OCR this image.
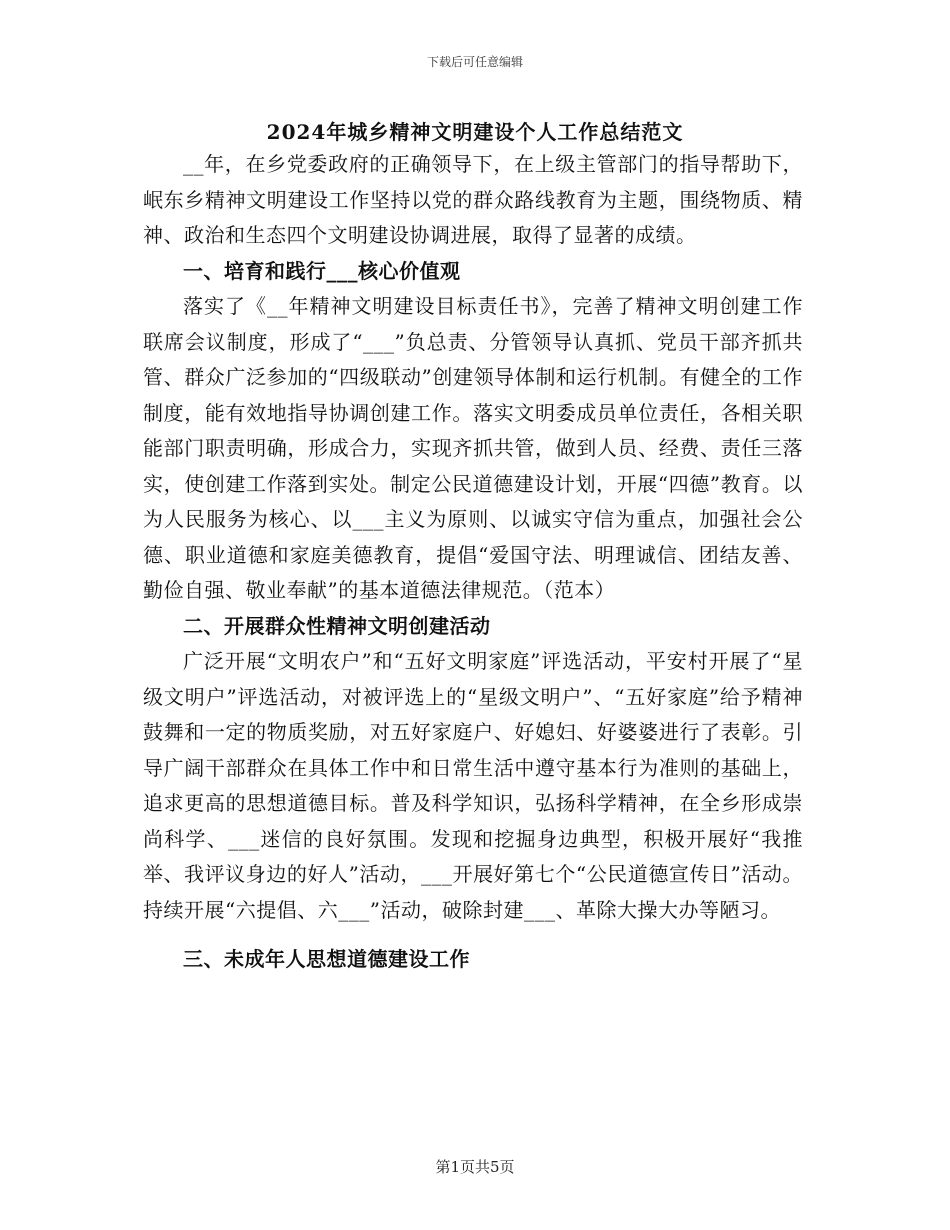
下载后可任意编辑
2024年城乡精神文明建设个人工作总结范文

__年，在乡党委政府的正确领导下，在上级主管部门的指导帮助下，岷东乡精神文明建设工作坚持以党的群众路线教育为主题，围绕物质、精神、政治和生态四个文明建设协调进展，取得了显著的成绩。

一、培育和践行___核心价值观

落实了《__年精神文明建设目标责任书》，完善了精神文明创建工作联席会议制度，形成了“___”负总责、分管领导认真抓、党员干部齐抓共管、群众广泛参加的“四级联动”创建领导体制和运行机制。有健全的工作制度，能有效地指导协调创建工作。落实文明委成员单位责任，各相关职能部门职责明确，形成合力，实现齐抓共管，做到人员、经费、责任三落实，使创建工作落到实处。制定公民道德建设计划，开展“四德”教育。以为人民服务为核心、以___主义为原则、以诚实守信为重点，加强社会公德、职业道德和家庭美德教育，提倡“爱国守法、明理诚信、团结友善、勤俭自强、敬业奉献”的基本道德法律规范。（范本）

二、开展群众性精神文明创建活动

广泛开展“文明农户”和“五好文明家庭”评选活动，平安村开展了“星级文明户”评选活动，对被评选上的“星级文明户”、“五好家庭”给予精神鼓舞和一定的物质奖励，对五好家庭户、好媳妇、好婆婆进行了表彰。引导广阔干部群众在具体工作中和日常生活中遵守基本行为准则的基础上，追求更高的思想道德目标。普及科学知识，弘扬科学精神，在全乡形成崇尚科学、___迷信的良好氛围。发现和挖掘身边典型，积极开展好“我推举、我评议身边的好人”活动，___开展好第七个“公民道德宣传日”活动。持续开展“六提倡、六___”活动，破除封建___、革除大操大办等陋习。

三、未成年人思想道德建设工作

第1页共5页
